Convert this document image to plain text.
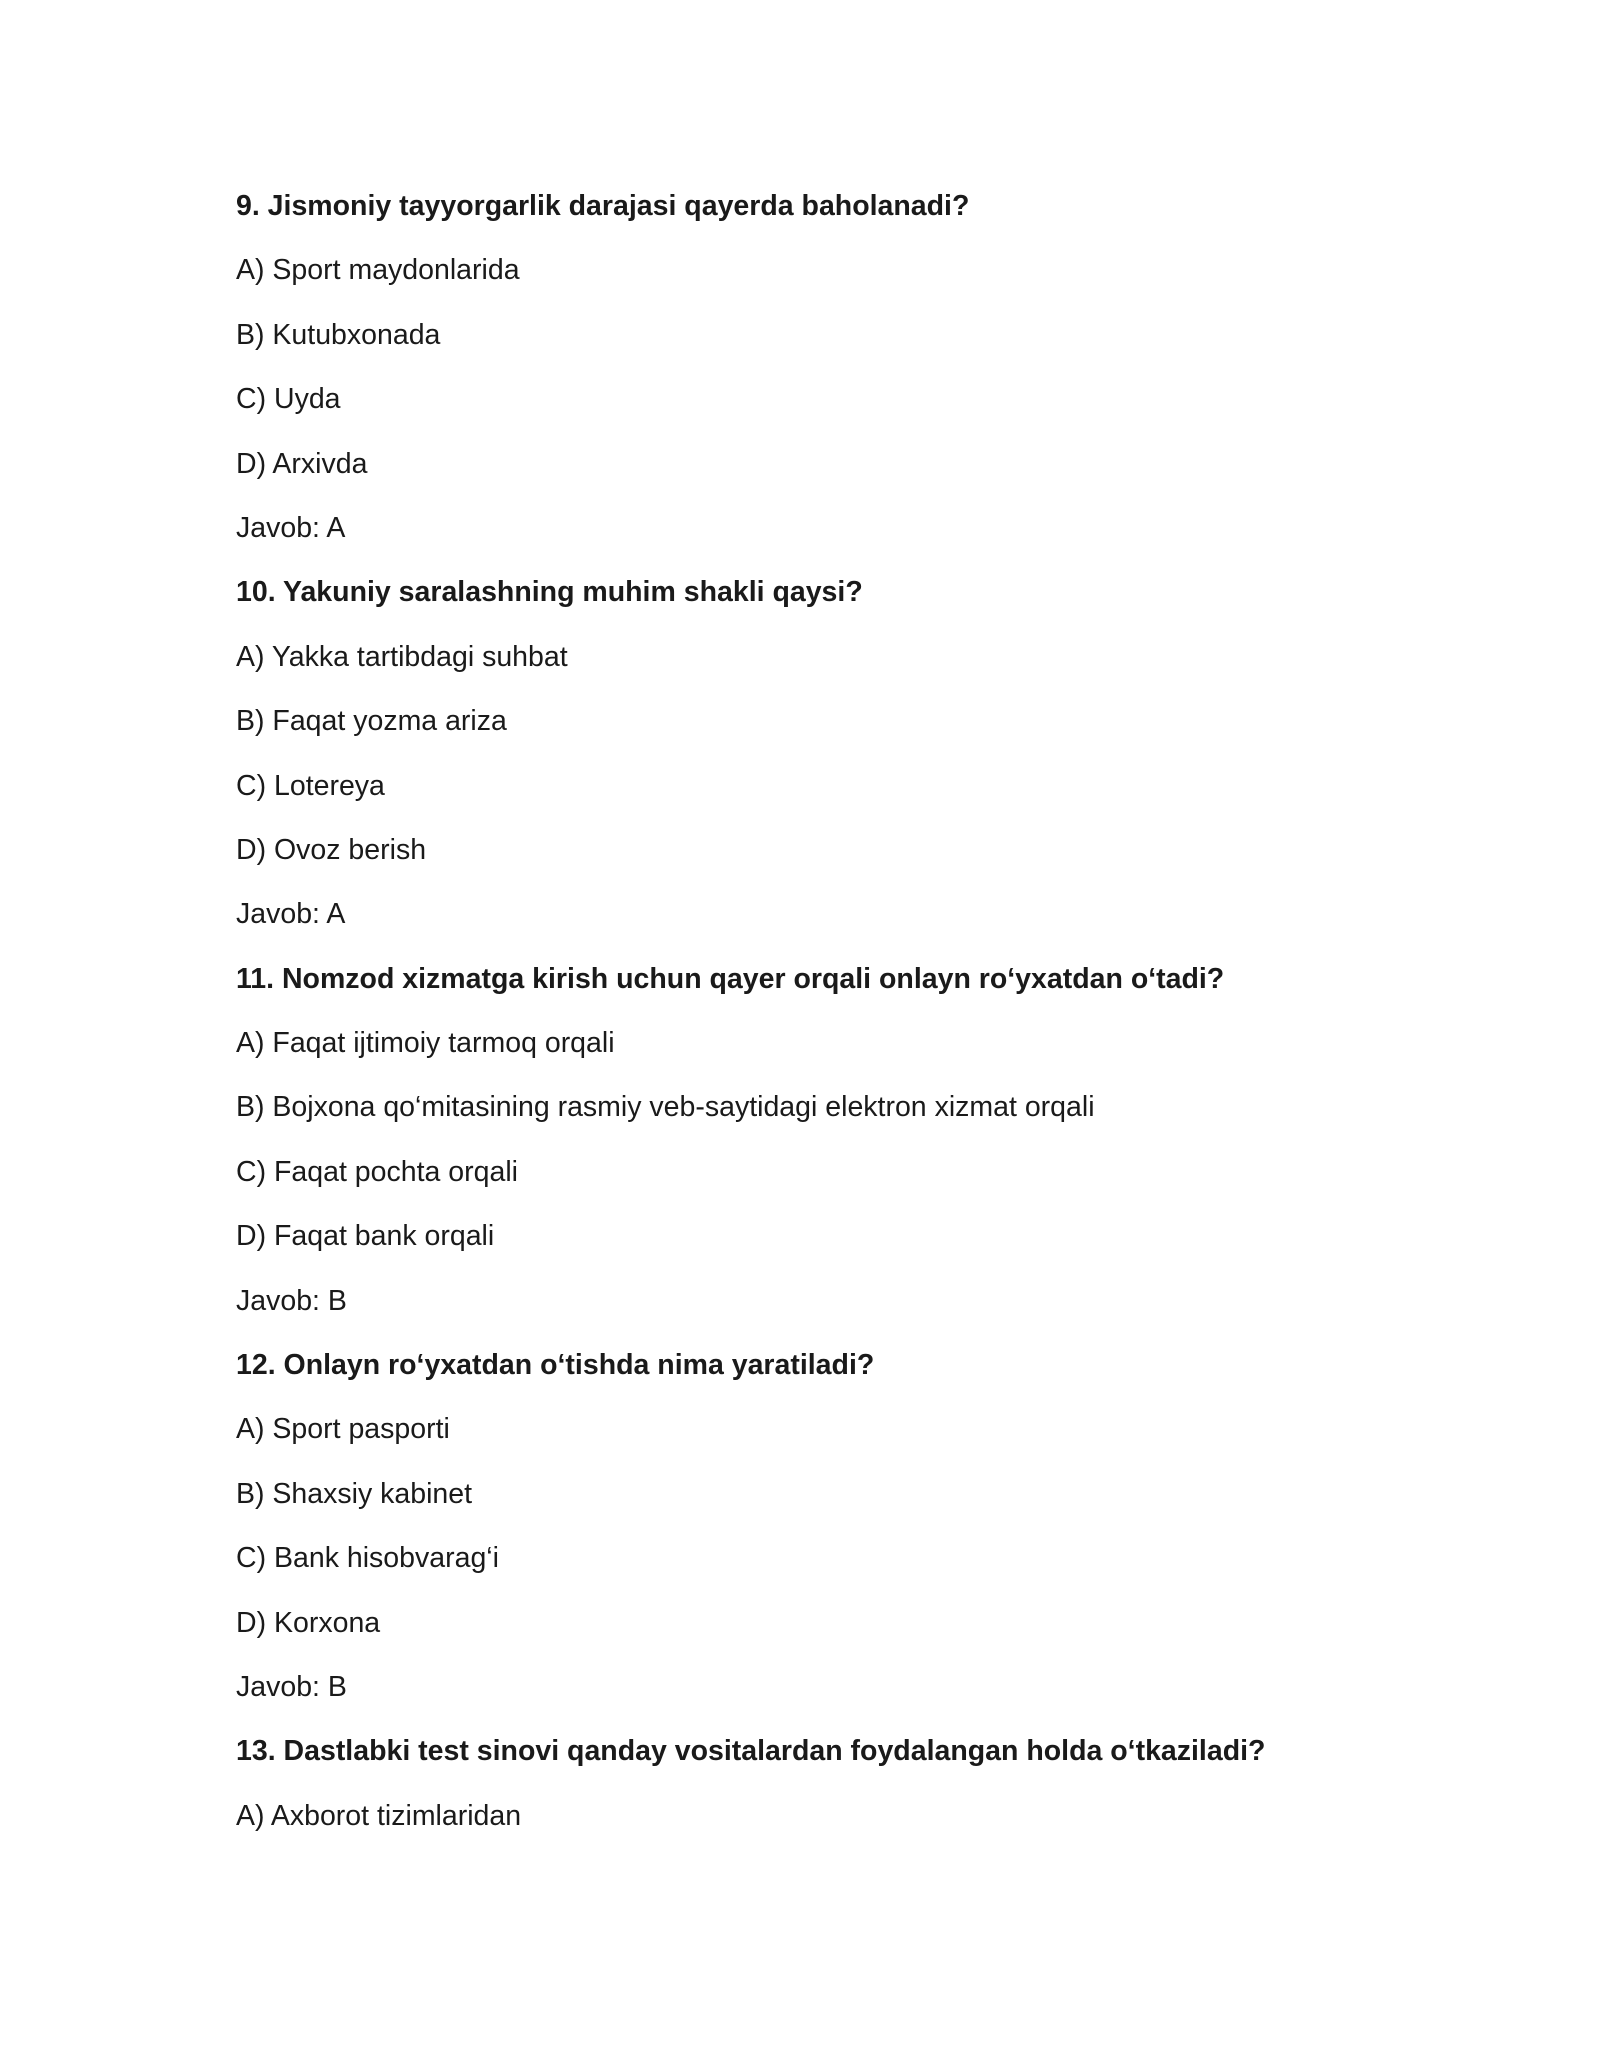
9. Jismoniy tayyorgarlik darajasi qayerda baholanadi?
A) Sport maydonlarida
B) Kutubxonada
C) Uyda
D) Arxivda
Javob: A
10. Yakuniy saralashning muhim shakli qaysi?
A) Yakka tartibdagi suhbat
B) Faqat yozma ariza
C) Lotereya
D) Ovoz berish
Javob: A
11. Nomzod xizmatga kirish uchun qayer orqali onlayn ro‘yxatdan o‘tadi?
A) Faqat ijtimoiy tarmoq orqali
B) Bojxona qo‘mitasining rasmiy veb-saytidagi elektron xizmat orqali
C) Faqat pochta orqali
D) Faqat bank orqali
Javob: B
12. Onlayn ro‘yxatdan o‘tishda nima yaratiladi?
A) Sport pasporti
B) Shaxsiy kabinet
C) Bank hisobvarag‘i
D) Korxona
Javob: B
13. Dastlabki test sinovi qanday vositalardan foydalangan holda o‘tkaziladi?
A) Axborot tizimlaridan
